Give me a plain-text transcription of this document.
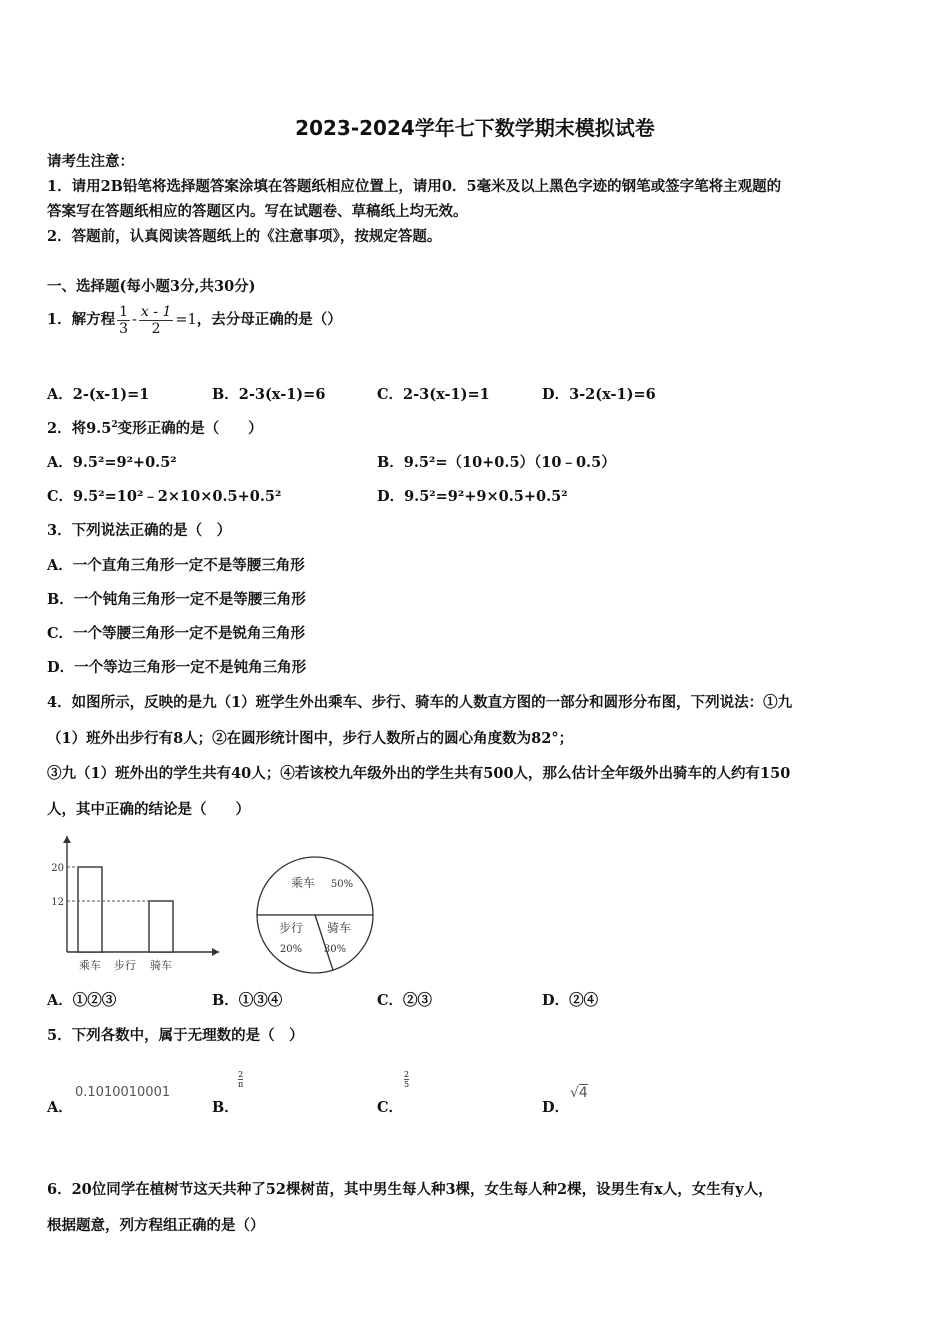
2023-2024学年七下数学期末模拟试卷
请考生注意：
1．请用2B铅笔将选择题答案涂填在答题纸相应位置上，请用0．5毫米及以上黑色字迹的钢笔或签字笔将主观题的
答案写在答题纸相应的答题区内。写在试题卷、草稿纸上均无效。
2．答题前，认真阅读答题纸上的《注意事项》，按规定答题。
一、选择题(每小题3分,共30分)
1．解方程 $\frac{1}{3} - \frac{x - 1}{2} =1$，去分母正确的是（）
A．2-(x-1)=1	B．2-3(x-1)=6	C．2-3(x-1)=1	D．3-2(x-1)=6
2．将$9.5^2$变形正确的是（　　）
A．9.5²=9²+0.5²	B．9.5²=（10+0.5）（10﹣0.5）
C．9.5²=10²﹣2×10×0.5+0.5²	D．9.5²=9²+9×0.5+0.5²
3．下列说法正确的是（　）
A．一个直角三角形一定不是等腰三角形
B．一个钝角三角形一定不是等腰三角形
C．一个等腰三角形一定不是锐角三角形
D．一个等边三角形一定不是钝角三角形
4．如图所示，反映的是九（1）班学生外出乘车、步行、骑车的人数直方图的一部分和圆形分布图，下列说法：①九
（1）班外出步行有8人；②在圆形统计图中，步行人数所占的圆心角度数为82°；
③九（1）班外出的学生共有40人；④若该校九年级外出的学生共有500人，那么估计全年级外出骑车的人约有150
人，其中正确的结论是（　　）
乘车 步行 骑车
20
12
乘车 50%
步行
20%
骑车
30%
A．①②③	B．①③④	C．②③	D．②④
5．下列各数中，属于无理数的是（　）
A．
0.1010010001
B．
$\frac{2}{\pi}$
C．
$\frac{2}{5}$
D．
√4
6．20位同学在植树节这天共种了52棵树苗，其中男生每人种3棵，女生每人种2棵，设男生有x人，女生有y人，
根据题意，列方程组正确的是（）
